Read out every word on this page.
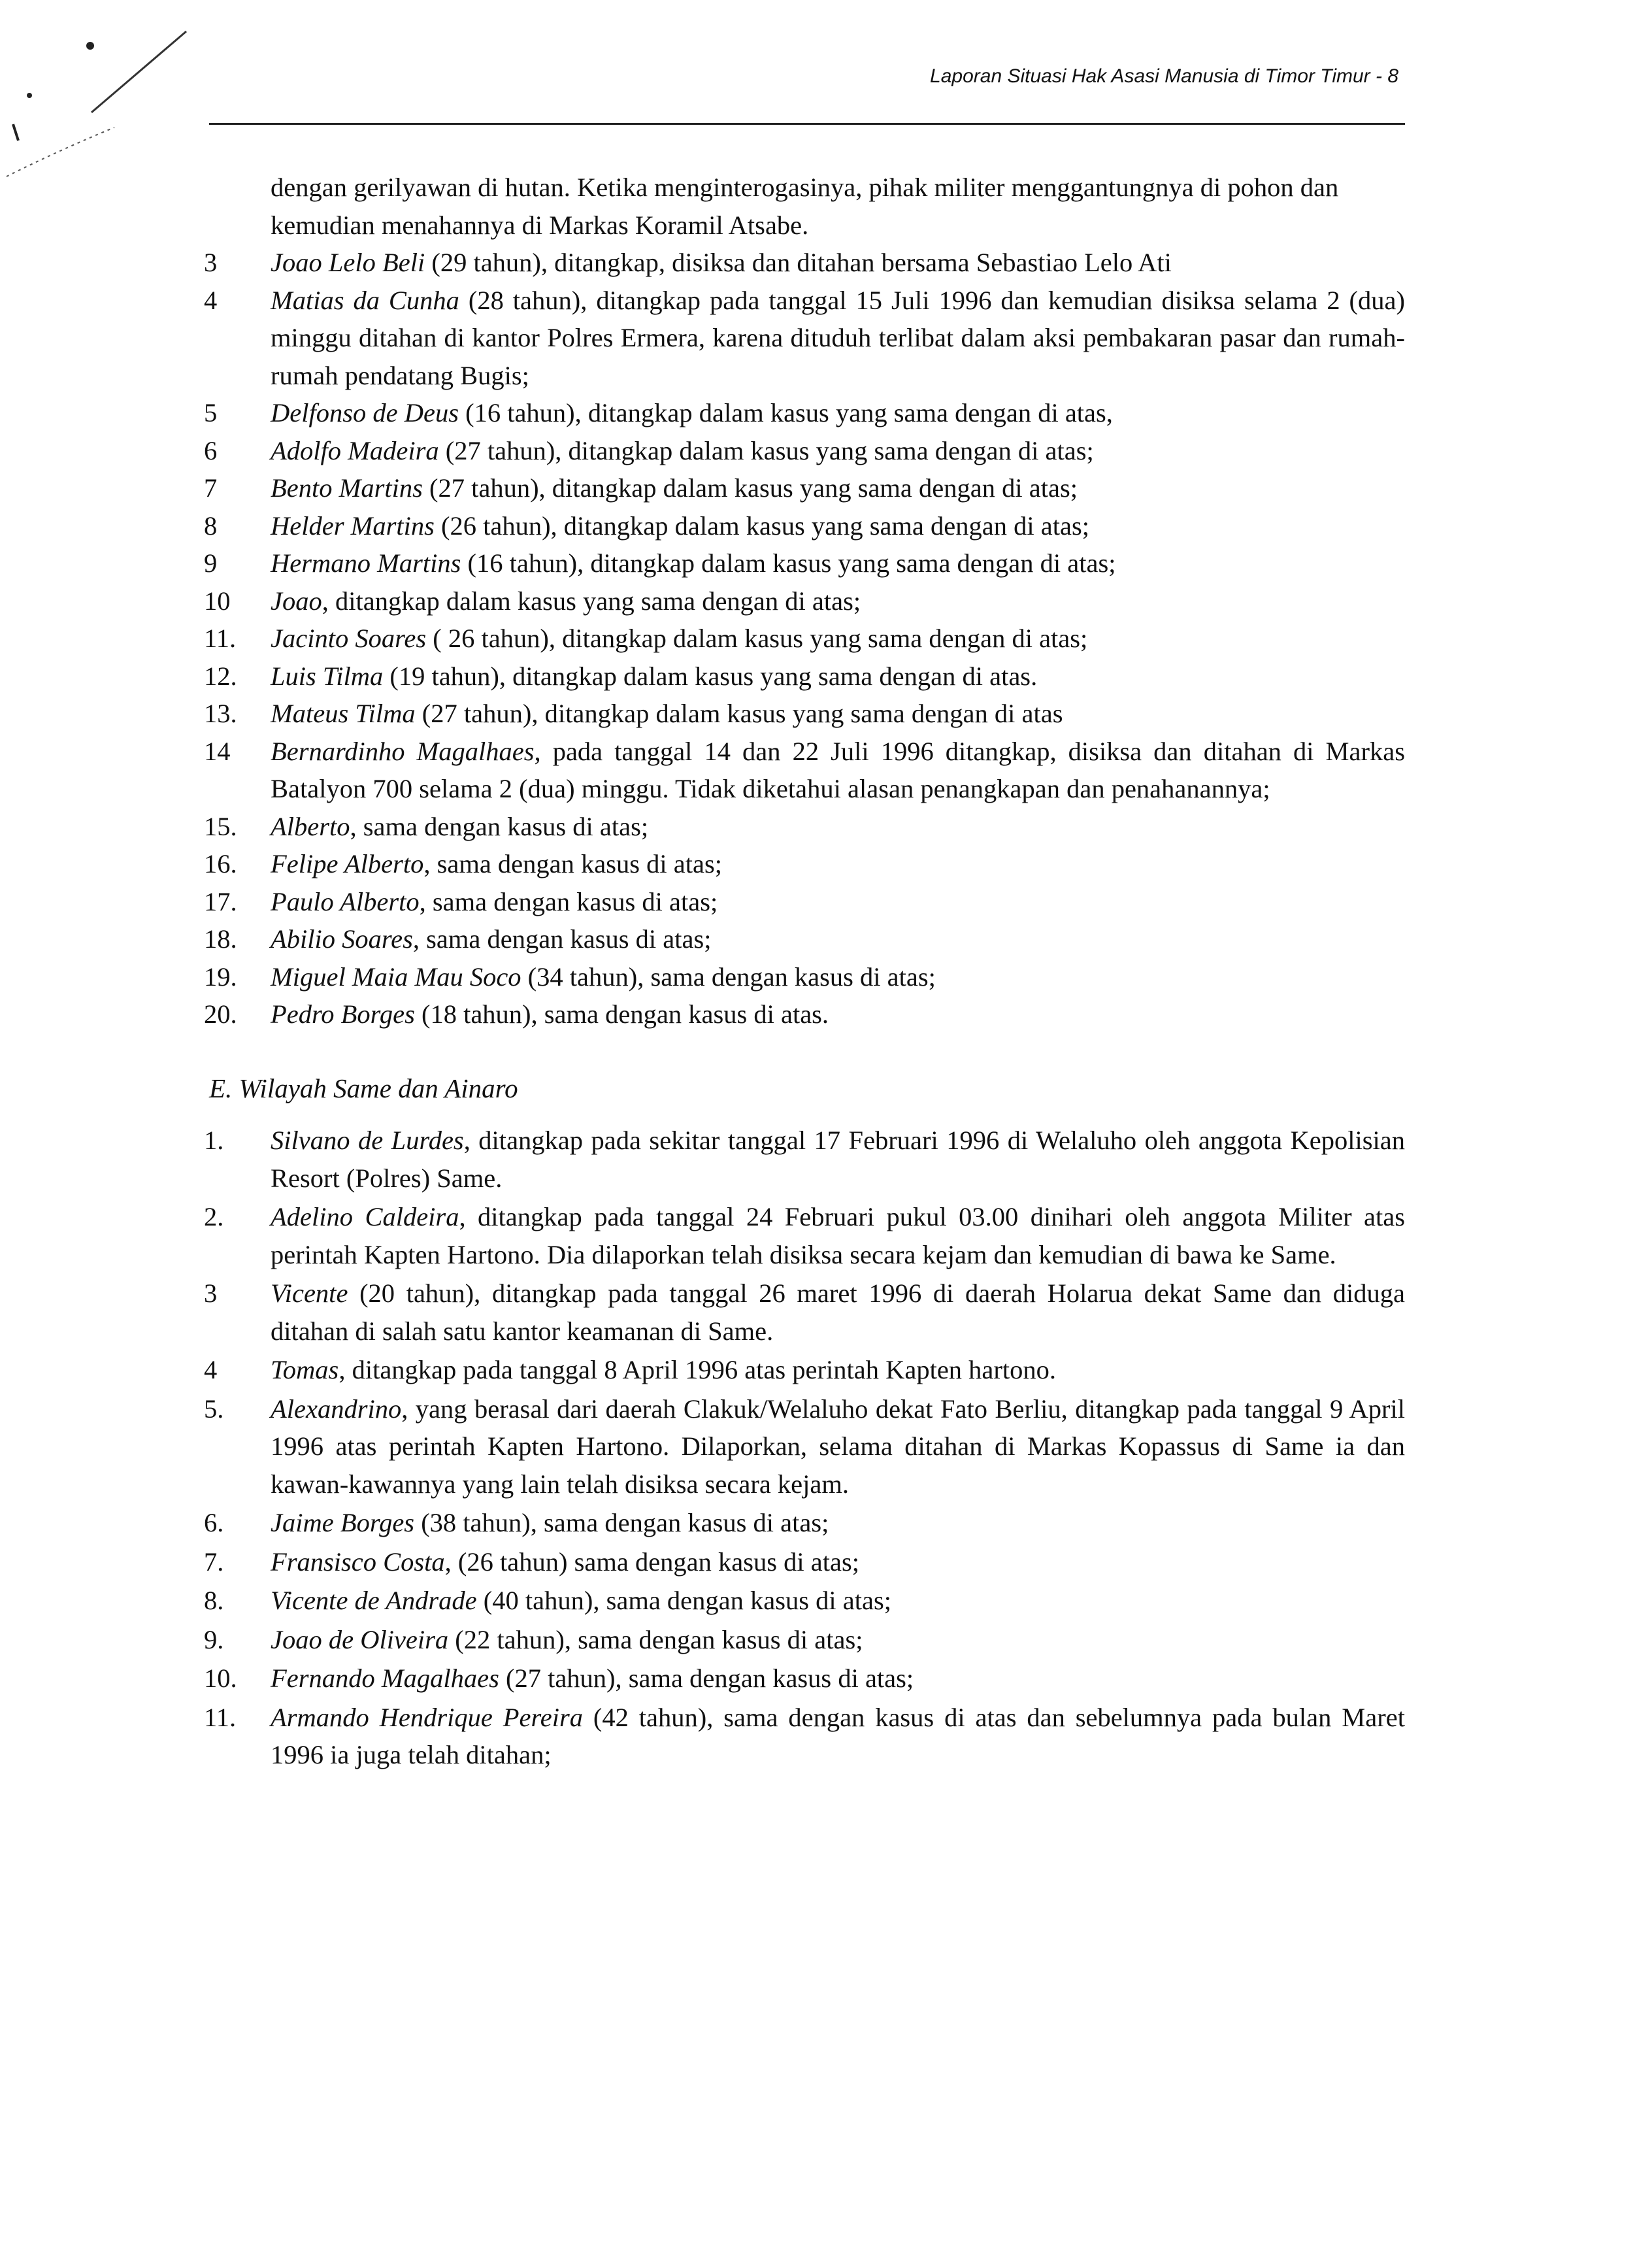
Laporan Situasi Hak Asasi Manusia di Timor Timur - 8
dengan gerilyawan di hutan. Ketika menginterogasinya, pihak militer menggantungnya di pohon dan kemudian menahannya di Markas Koramil Atsabe.
3	Joao Lelo Beli (29 tahun), ditangkap, disiksa dan ditahan bersama Sebastiao Lelo Ati
4	Matias da Cunha (28 tahun), ditangkap pada tanggal 15 Juli 1996 dan kemudian disiksa selama 2 (dua) minggu ditahan di kantor Polres Ermera, karena dituduh terlibat dalam aksi pembakaran pasar dan rumah-rumah pendatang Bugis;
5	Delfonso de Deus (16 tahun), ditangkap dalam kasus yang sama dengan di atas,
6	Adolfo Madeira (27 tahun), ditangkap dalam kasus yang sama dengan di atas;
7	Bento Martins (27 tahun), ditangkap dalam kasus yang sama dengan di atas;
8	Helder Martins (26 tahun), ditangkap dalam kasus yang sama dengan di atas;
9	Hermano Martins (16 tahun), ditangkap dalam kasus yang sama dengan di atas;
10	Joao, ditangkap dalam kasus yang sama dengan di atas;
11.	Jacinto Soares ( 26 tahun), ditangkap dalam kasus yang sama dengan di atas;
12.	Luis Tilma (19 tahun), ditangkap dalam kasus yang sama dengan di atas.
13.	Mateus Tilma (27 tahun), ditangkap dalam kasus yang sama dengan di atas
14	Bernardinho Magalhaes, pada tanggal 14 dan 22 Juli 1996 ditangkap, disiksa dan ditahan di Markas Batalyon 700 selama 2 (dua) minggu. Tidak diketahui alasan penangkapan dan penahanannya;
15.	Alberto, sama dengan kasus di atas;
16.	Felipe Alberto, sama dengan kasus di atas;
17.	Paulo Alberto, sama dengan kasus di atas;
18.	Abilio Soares, sama dengan kasus di atas;
19.	Miguel Maia Mau Soco (34 tahun), sama dengan kasus di atas;
20.	Pedro Borges (18 tahun), sama dengan kasus di atas.
E. Wilayah Same dan Ainaro
1.	Silvano de Lurdes, ditangkap pada sekitar tanggal 17 Februari 1996 di Welaluho oleh anggota Kepolisian Resort (Polres) Same.
2.	Adelino Caldeira, ditangkap pada tanggal 24 Februari pukul 03.00 dinihari oleh anggota Militer atas perintah Kapten Hartono. Dia dilaporkan telah disiksa secara kejam dan kemudian di bawa ke Same.
3	Vicente (20 tahun), ditangkap pada tanggal 26 maret 1996 di daerah Holarua dekat Same dan diduga ditahan di salah satu kantor keamanan di Same.
4	Tomas, ditangkap pada tanggal 8 April 1996 atas perintah Kapten hartono.
5.	Alexandrino, yang berasal dari daerah Clakuk/Welaluho dekat Fato Berliu, ditangkap pada tanggal 9 April 1996 atas perintah Kapten Hartono. Dilaporkan, selama ditahan di Markas Kopassus di Same ia dan kawan-kawannya yang lain telah disiksa secara kejam.
6.	Jaime Borges (38 tahun), sama dengan kasus di atas;
7.	Fransisco Costa, (26 tahun) sama dengan kasus di atas;
8.	Vicente de Andrade (40 tahun), sama dengan kasus di atas;
9.	Joao de Oliveira (22 tahun), sama dengan kasus di atas;
10.	Fernando Magalhaes (27 tahun), sama dengan kasus di atas;
11.	Armando Hendrique Pereira (42 tahun), sama dengan kasus di atas dan sebelumnya pada bulan Maret 1996 ia juga telah ditahan;
